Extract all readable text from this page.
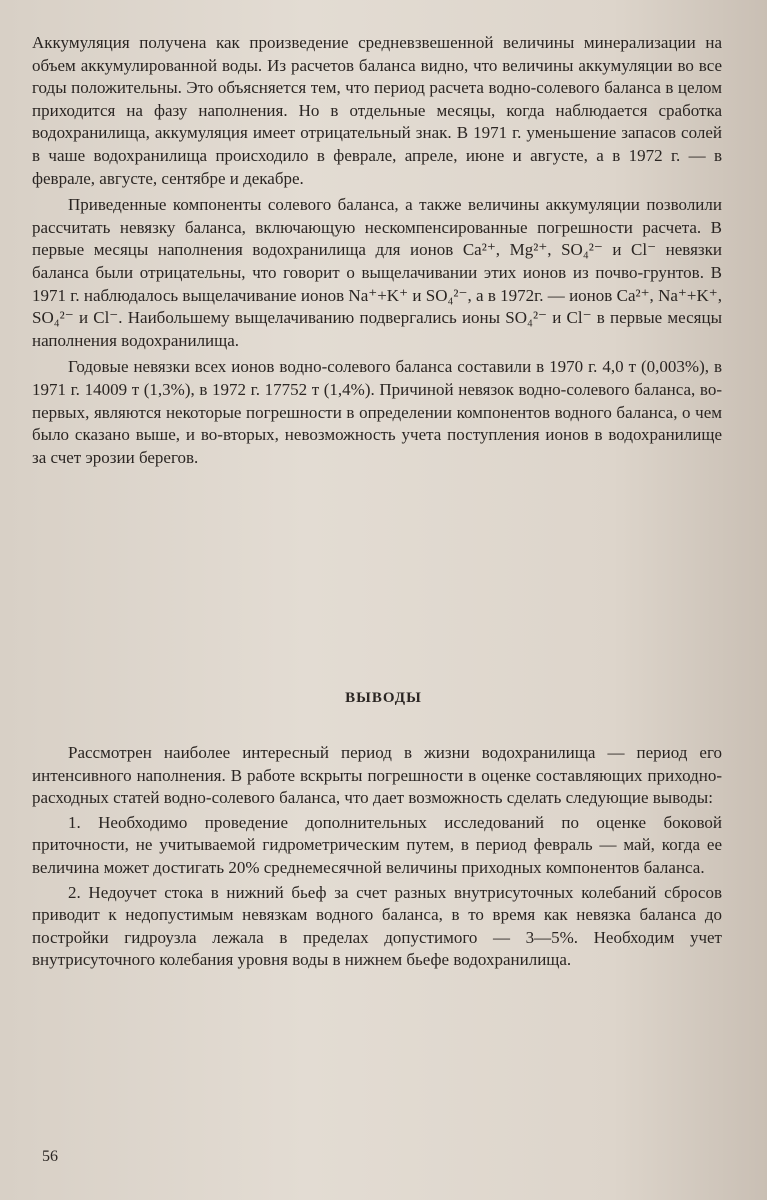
Аккумуляция получена как произведение средневзвешенной величины минерализации на объем аккумулированной воды. Из расчетов баланса видно, что величины аккумуляции во все годы положительны. Это объясняется тем, что период расчета водно-солевого баланса в целом приходится на фазу наполнения. Но в отдельные месяцы, когда наблюдается сработка водохранилища, аккумуляция имеет отрицательный знак. В 1971 г. уменьшение запасов солей в чаше водохранилища происходило в феврале, апреле, июне и августе, а в 1972 г. — в феврале, августе, сентябре и декабре.

Приведенные компоненты солевого баланса, а также величины аккумуляции позволили рассчитать невязку баланса, включающую нескомпенсированные погрешности расчета. В первые месяцы наполнения водохранилища для ионов Ca²⁺, Mg²⁺, SO₄²⁻ и Cl⁻ невязки баланса были отрицательны, что говорит о выщелачивании этих ионов из почво-грунтов. В 1971 г. наблюдалось выщелачивание ионов Na⁺+K⁺ и SO₄²⁻, а в 1972г. — ионов Ca²⁺, Na⁺+K⁺, SO₄²⁻ и Cl⁻. Наибольшему выщелачиванию подвергались ионы SO₄²⁻ и Cl⁻ в первые месяцы наполнения водохранилища.

Годовые невязки всех ионов водно-солевого баланса составили в 1970 г. 4,0 т (0,003%), в 1971 г. 14009 т (1,3%), в 1972 г. 17752 т (1,4%). Причиной невязок водно-солевого баланса, во-первых, являются некоторые погрешности в определении компонентов водного баланса, о чем было сказано выше, и во-вторых, невозможность учета поступления ионов в водохранилище за счет эрозии берегов.

ВЫВОДЫ

Рассмотрен наиболее интересный период в жизни водохранилища — период его интенсивного наполнения. В работе вскрыты погрешности в оценке составляющих приходно-расходных статей водно-солевого баланса, что дает возможность сделать следующие выводы:

1. Необходимо проведение дополнительных исследований по оценке боковой приточности, не учитываемой гидрометрическим путем, в период февраль — май, когда ее величина может достигать 20% среднемесячной величины приходных компонентов баланса.

2. Недоучет стока в нижний бьеф за счет разных внутрисуточных колебаний сбросов приводит к недопустимым невязкам водного баланса, в то время как невязка баланса до постройки гидроузла лежала в пределах допустимого — 3—5%. Необходим учет внутрисуточного колебания уровня воды в нижнем бьефе водохранилища.

56
